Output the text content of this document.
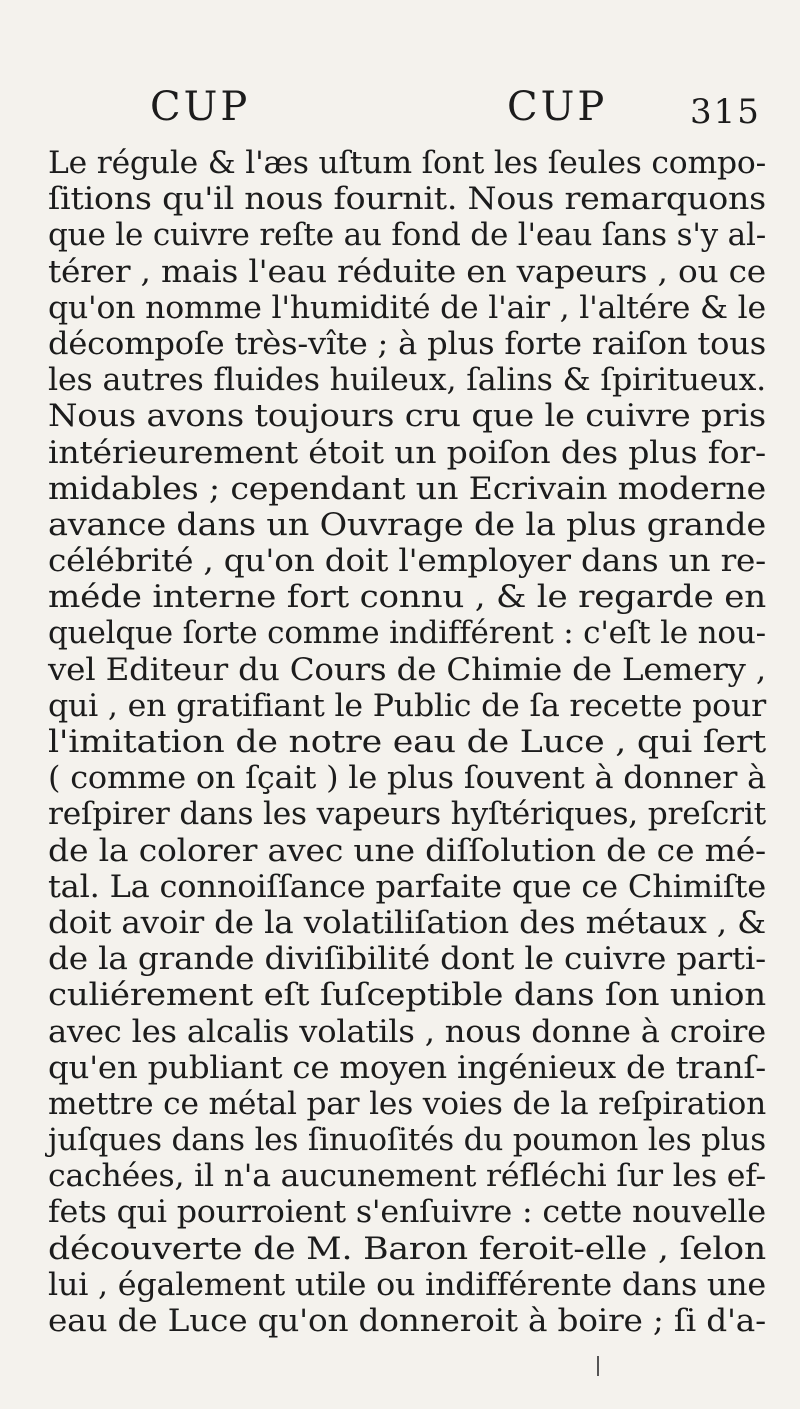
CUP	CUP 315
Le régule & l'æs uſtum ſont les ſeules compo-
ſitions qu'il nous fournit. Nous remarquons
que le cuivre reſte au fond de l'eau ſans s'y al-
térer , mais l'eau réduite en vapeurs , ou ce
qu'on nomme l'humidité de l'air , l'altére & le
décompoſe très-vîte ; à plus forte raiſon tous
les autres fluides huileux, ſalins & ſpiritueux.
Nous avons toujours cru que le cuivre pris
intérieurement étoit un poiſon des plus for-
midables ; cependant un Ecrivain moderne
avance dans un Ouvrage de la plus grande
célébrité , qu'on doit l'employer dans un re-
méde interne fort connu , & le regarde en
quelque ſorte comme indifférent : c'eſt le nou-
vel Editeur du Cours de Chimie de Lemery ,
qui , en gratifiant le Public de ſa recette pour
l'imitation de notre eau de Luce , qui ſert
( comme on ſçait ) le plus ſouvent à donner à
reſpirer dans les vapeurs hyſtériques, preſcrit
de la colorer avec une diſſolution de ce mé-
tal. La connoiſſance parfaite que ce Chimiſte
doit avoir de la volatiliſation des métaux , &
de la grande diviſibilité dont le cuivre parti-
culiérement eſt ſuſceptible dans ſon union
avec les alcalis volatils , nous donne à croire
qu'en publiant ce moyen ingénieux de tranſ-
mettre ce métal par les voies de la reſpiration
juſques dans les ſinuoſités du poumon les plus
cachées, il n'a aucunement réfléchi ſur les ef-
fets qui pourroient s'enſuivre : cette nouvelle
découverte de M. Baron feroit-elle , ſelon
lui , également utile ou indifférente dans une
eau de Luce qu'on donneroit à boire ; ſi d'a-
